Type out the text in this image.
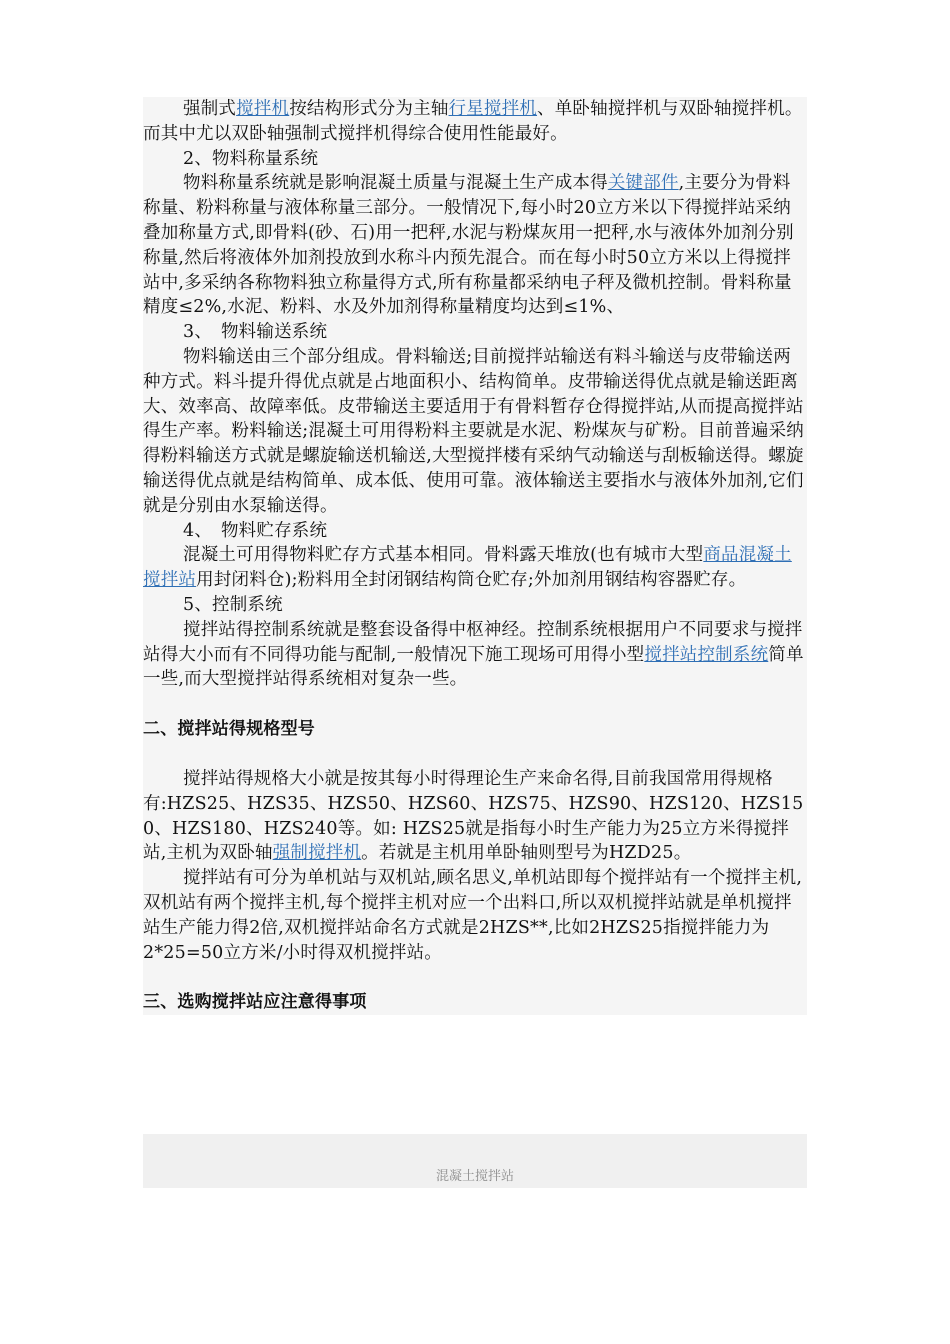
强制式搅拌机按结构形式分为主轴行星搅拌机、单卧轴搅拌机与双卧轴搅拌机。而其中尤以双卧轴强制式搅拌机得综合使用性能最好。

2、物料称量系统

物料称量系统就是影响混凝土质量与混凝土生产成本得关键部件,主要分为骨料称量、粉料称量与液体称量三部分。一般情况下,每小时20立方米以下得搅拌站采纳叠加称量方式,即骨料(砂、石)用一把秤,水泥与粉煤灰用一把秤,水与液体外加剂分别称量,然后将液体外加剂投放到水称斗内预先混合。而在每小时50立方米以上得搅拌站中,多采纳各称物料独立称量得方式,所有称量都采纳电子秤及微机控制。骨料称量精度≤2%,水泥、粉料、水及外加剂得称量精度均达到≤1%、

3、　物料输送系统

物料输送由三个部分组成。骨料输送;目前搅拌站输送有料斗输送与皮带输送两种方式。料斗提升得优点就是占地面积小、结构简单。皮带输送得优点就是输送距离大、效率高、故障率低。皮带输送主要适用于有骨料暂存仓得搅拌站,从而提高搅拌站得生产率。粉料输送;混凝土可用得粉料主要就是水泥、粉煤灰与矿粉。目前普遍采纳得粉料输送方式就是螺旋输送机输送,大型搅拌楼有采纳气动输送与刮板输送得。螺旋输送得优点就是结构简单、成本低、使用可靠。液体输送主要指水与液体外加剂,它们就是分别由水泵输送得。

4、　物料贮存系统

混凝土可用得物料贮存方式基本相同。骨料露天堆放(也有城市大型商品混凝土搅拌站用封闭料仓);粉料用全封闭钢结构筒仓贮存;外加剂用钢结构容器贮存。

5、控制系统

搅拌站得控制系统就是整套设备得中枢神经。控制系统根据用户不同要求与搅拌站得大小而有不同得功能与配制,一般情况下施工现场可用得小型搅拌站控制系统简单一些,而大型搅拌站得系统相对复杂一些。

二、搅拌站得规格型号

搅拌站得规格大小就是按其每小时得理论生产来命名得,目前我国常用得规格

有:HZS25、HZS35、HZS50、HZS60、HZS75、HZS90、HZS120、HZS150、HZS180、HZS240等。如: HZS25就是指每小时生产能力为25立方米得搅拌站,主机为双卧轴强制搅拌机。若就是主机用单卧轴则型号为HZD25。

搅拌站有可分为单机站与双机站,顾名思义,单机站即每个搅拌站有一个搅拌主机,双机站有两个搅拌主机,每个搅拌主机对应一个出料口,所以双机搅拌站就是单机搅拌站生产能力得2倍,双机搅拌站命名方式就是2HZS**,比如2HZS25指搅拌能力为2*25=50立方米/小时得双机搅拌站。

三、选购搅拌站应注意得事项

混凝土搅拌站
